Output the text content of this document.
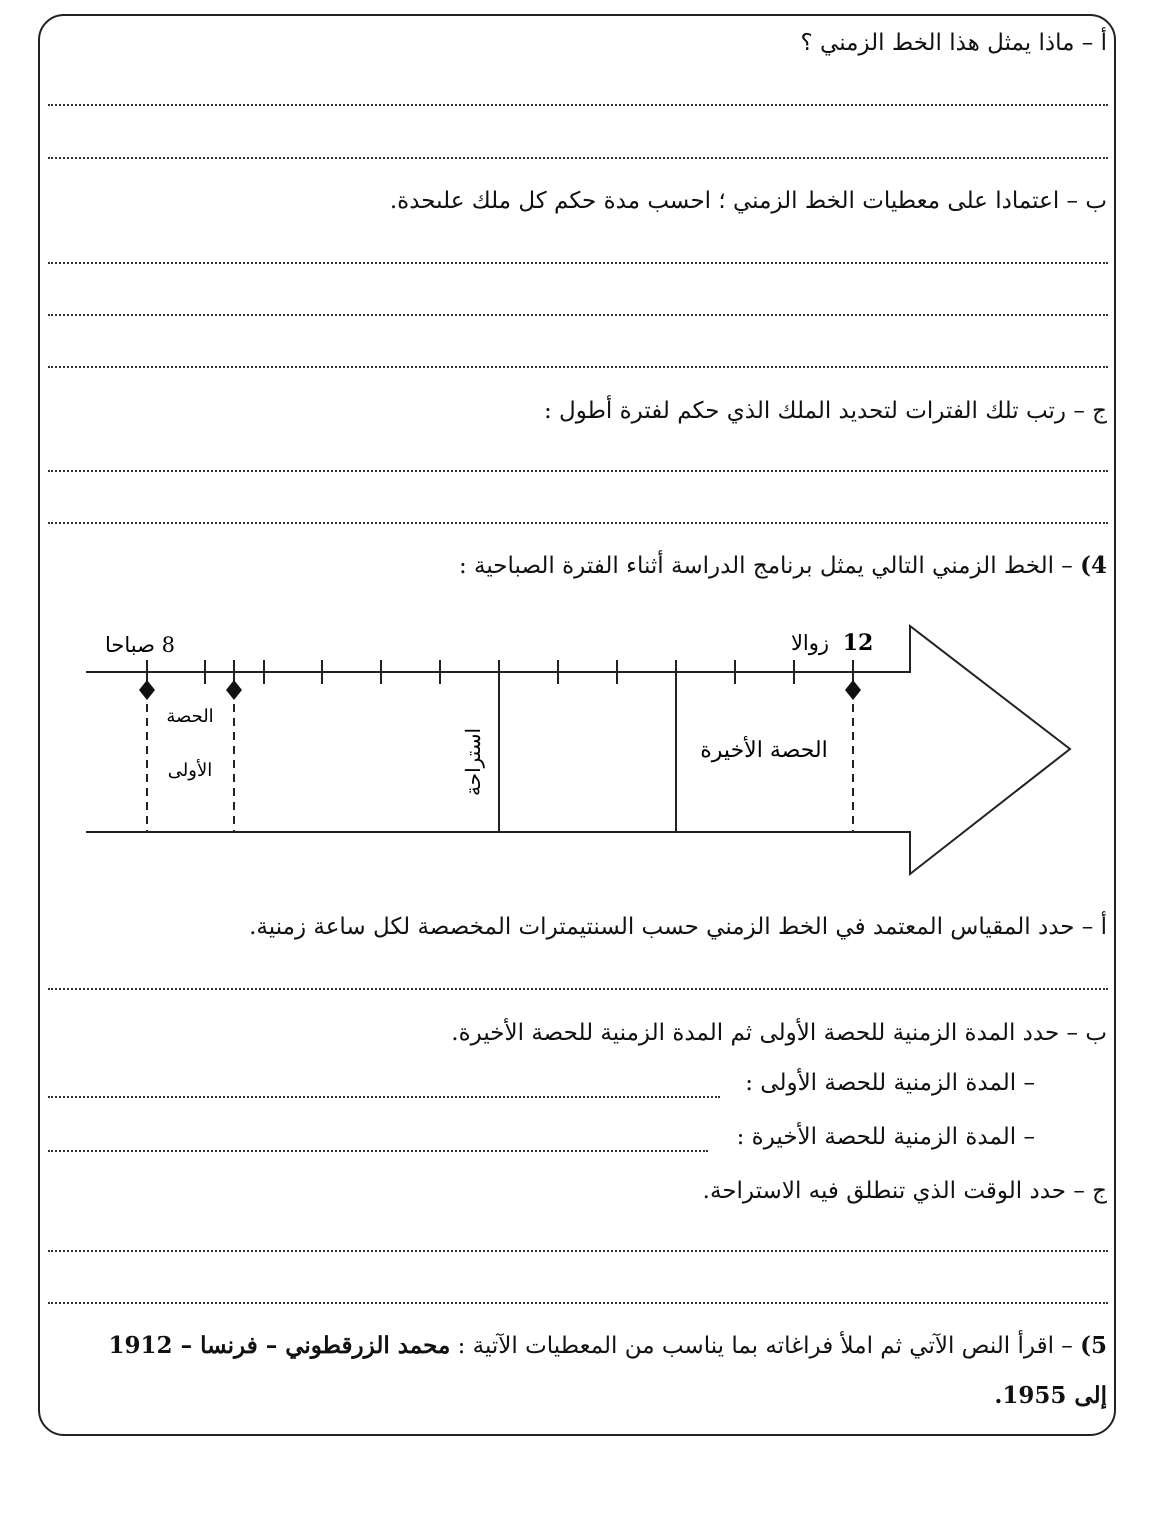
أ – ماذا يمثل هذا الخط الزمني ؟
ب – اعتمادا على معطيات الخط الزمني ؛ احسب مدة حكم كل ملك علىحدة.
ج – رتب تلك الفترات لتحديد الملك الذي حكم لفترة أطول :
4) – الخط الزمني التالي يمثل برنامج الدراسة أثناء الفترة الصباحية :
8 صباحا	12
زوالا
الحصة
الأولى	استراحة	الحصة الأخيرة
أ – حدد المقياس المعتمد في الخط الزمني حسب السنتيمترات المخصصة لكل ساعة زمنية.
ب – حدد المدة الزمنية للحصة الأولى ثم المدة الزمنية للحصة الأخيرة.
– المدة الزمنية للحصة الأولى :
– المدة الزمنية للحصة الأخيرة :
ج – حدد الوقت الذي تنطلق فيه الاستراحة.
5) – اقرأ النص الآتي ثم املأ فراغاته بما يناسب من المعطيات الآتية : محمد الزرقطوني – فرنسا – 1912
إلى 1955.
